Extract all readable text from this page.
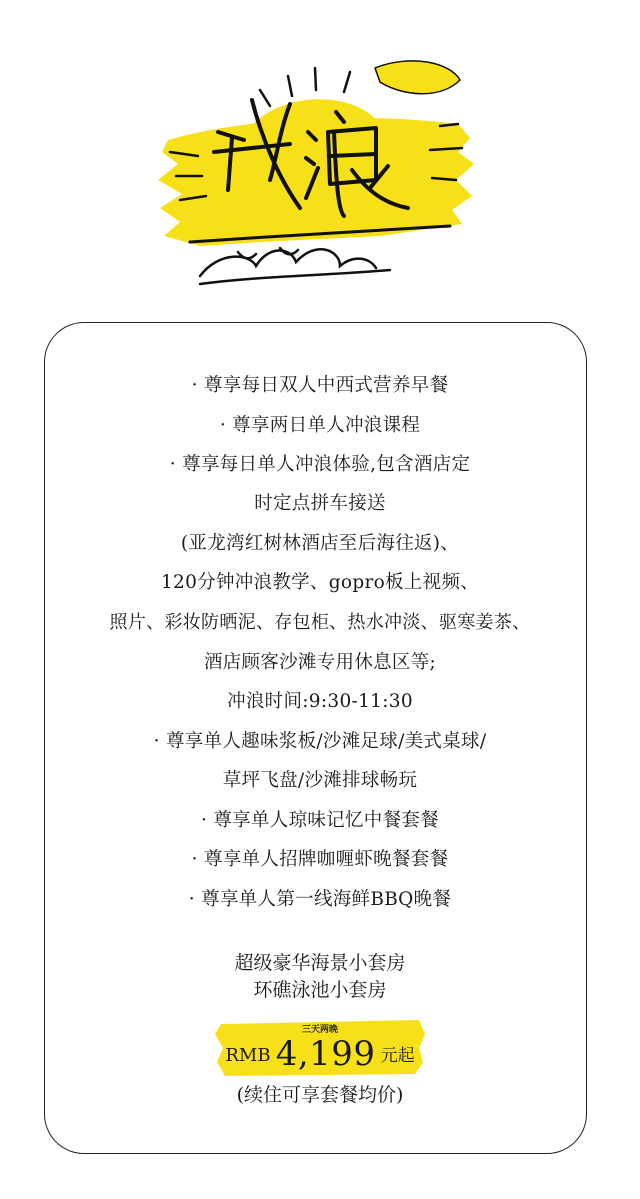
· 尊享每日双人中西式营养早餐
· 尊享两日单人冲浪课程
· 尊享每日单人冲浪体验,包含酒店定
时定点拼车接送
(亚龙湾红树林酒店至后海往返)、
120分钟冲浪教学、gopro板上视频、
照片、彩妆防晒泥、存包柜、热水冲淡、驱寒姜茶、
酒店顾客沙滩专用休息区等;
冲浪时间:9:30-11:30
· 尊享单人趣味浆板/沙滩足球/美式桌球/
草坪飞盘/沙滩排球畅玩
· 尊享单人琼味记忆中餐套餐
· 尊享单人招牌咖喱虾晚餐套餐
· 尊享单人第一线海鲜BBQ晚餐
超级豪华海景小套房
环礁泳池小套房
三天两晚
RMB 4,199 元起
(续住可享套餐均价)
